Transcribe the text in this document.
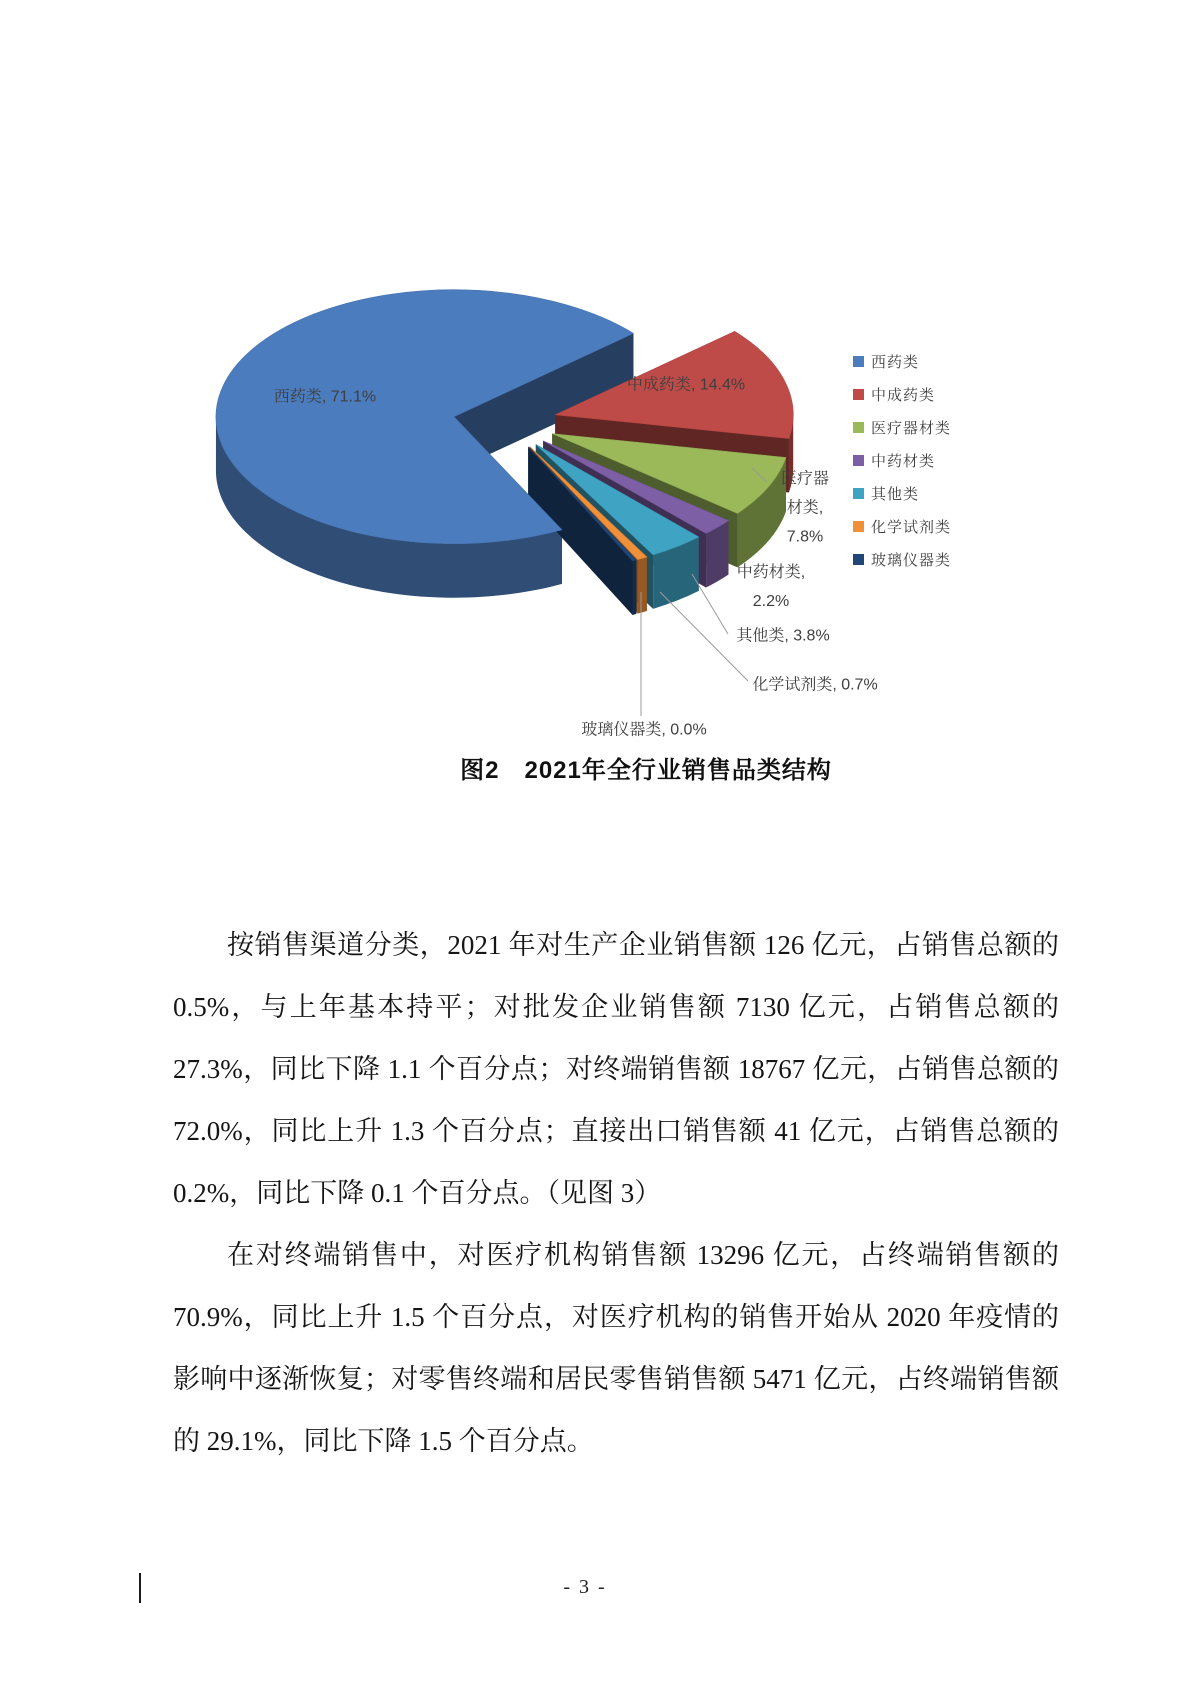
西药类, 71.1%
中成药类, 14.4%
医疗器
材类,
7.8%
中药材类,
2.2%
其他类, 3.8%
化学试剂类, 0.7%
玻璃仪器类, 0.0%
西药类
中成药类
医疗器材类
中药材类
其他类
化学试剂类
玻璃仪器类
图2　2021年全行业销售品类结构

按销售渠道分类，2021 年对生产企业销售额 126 亿元，占销售总额的 0.5%，与上年基本持平；对批发企业销售额 7130 亿元，占销售总额的 27.3%，同比下降 1.1 个百分点；对终端销售额 18767 亿元，占销售总额的 72.0%，同比上升 1.3 个百分点；直接出口销售额 41 亿元，占销售总额的 0.2%，同比下降 0.1 个百分点。（见图 3）

在对终端销售中，对医疗机构销售额 13296 亿元，占终端销售额的 70.9%，同比上升 1.5 个百分点，对医疗机构的销售开始从 2020 年疫情的影响中逐渐恢复；对零售终端和居民零售销售额 5471 亿元，占终端销售额的 29.1%，同比下降 1.5 个百分点。

- 3 -
